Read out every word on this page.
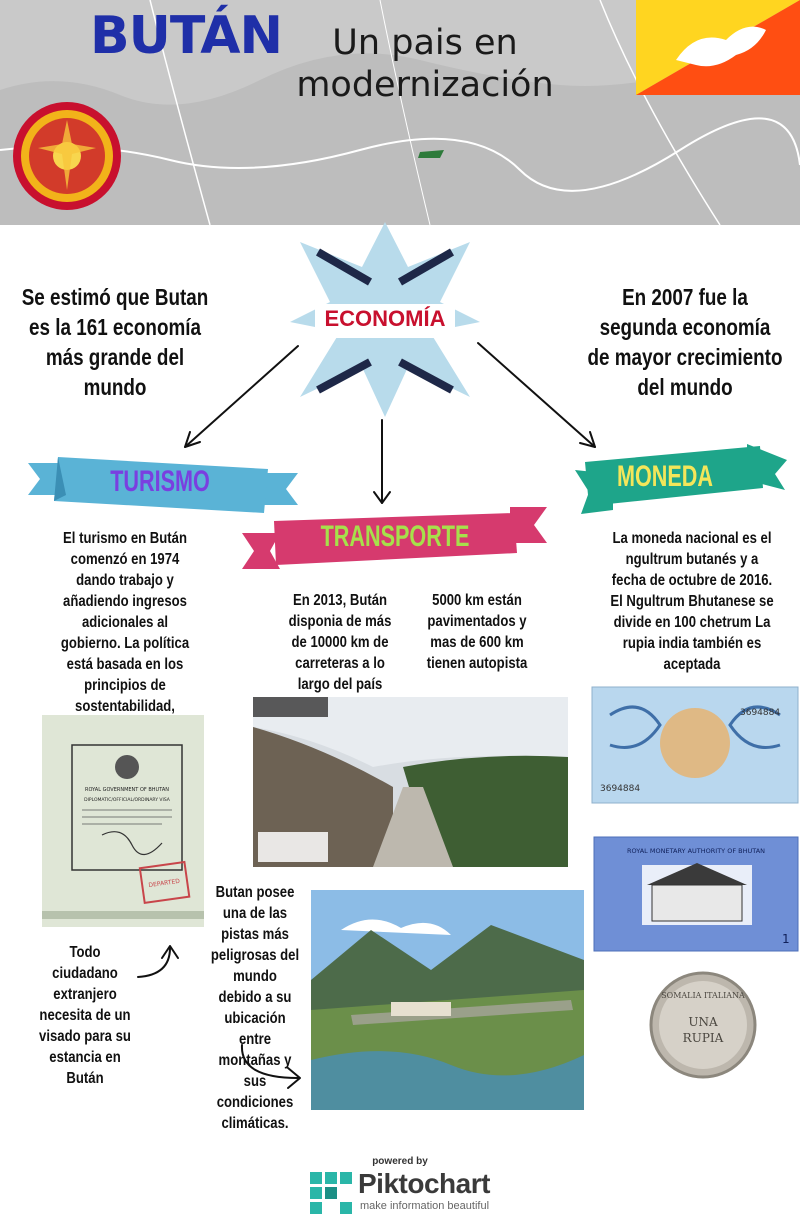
BUTÁN	Un pais en modernización
ECONOMÍA
Se estimó que Butan es la 161 economía más grande del mundo
En 2007 fue la segunda economía de mayor crecimiento del mundo
TURISMO
TRANSPORTE
MONEDA
El turismo en Bután comenzó en 1974 dando trabajo y añadiendo ingresos adicionales al gobierno. La política está basada en los principios de sostentabilidad,
En 2013, Bután disponia de más de 10000 km de carreteras a lo largo del país
5000 km están pavimentados y mas de 600 km tienen autopista
La moneda nacional es el ngultrum butanés y a fecha de octubre de 2016. El Ngultrum Bhutanese se divide en 100 chetrum La rupia india también es aceptada
ROYAL GOVERNMENT OF BHUTAN
DIPLOMATIC/OFFICIAL/ORDINARY VISA
DEPARTED
3694884
3694884
ROYAL MONETARY AUTHORITY OF BHUTAN
1
SOMALIA ITALIANA
UNA
RUPIA
Todo ciudadano extranjero necesita de un visado para su estancia en Bután
Butan posee una de las pistas más peligrosas del mundo debido a su ubicación entre montañas y sus condiciones climáticas.
powered by
Piktochart
make information beautiful
